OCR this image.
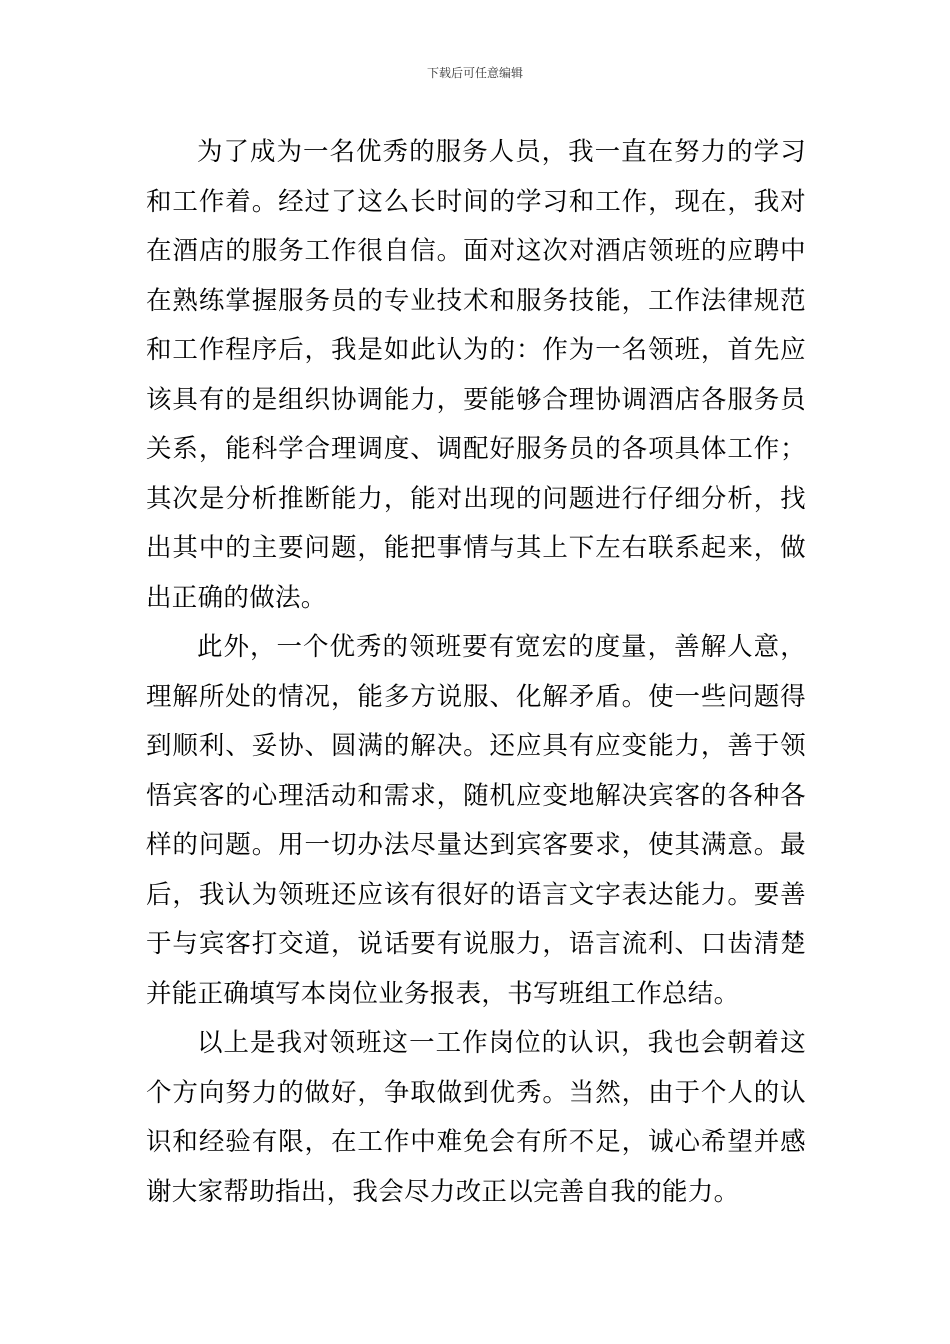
下载后可任意编辑

为了成为一名优秀的服务人员，我一直在努力的学习和工作着。经过了这么长时间的学习和工作，现在，我对在酒店的服务工作很自信。面对这次对酒店领班的应聘中在熟练掌握服务员的专业技术和服务技能，工作法律规范和工作程序后，我是如此认为的：作为一名领班，首先应该具有的是组织协调能力，要能够合理协调酒店各服务员关系，能科学合理调度、调配好服务员的各项具体工作；其次是分析推断能力，能对出现的问题进行仔细分析，找出其中的主要问题，能把事情与其上下左右联系起来，做出正确的做法。

此外，一个优秀的领班要有宽宏的度量，善解人意，理解所处的情况，能多方说服、化解矛盾。使一些问题得到顺利、妥协、圆满的解决。还应具有应变能力，善于领悟宾客的心理活动和需求，随机应变地解决宾客的各种各样的问题。用一切办法尽量达到宾客要求，使其满意。最后，我认为领班还应该有很好的语言文字表达能力。要善于与宾客打交道，说话要有说服力，语言流利、口齿清楚并能正确填写本岗位业务报表，书写班组工作总结。

以上是我对领班这一工作岗位的认识，我也会朝着这个方向努力的做好，争取做到优秀。当然，由于个人的认识和经验有限，在工作中难免会有所不足，诚心希望并感谢大家帮助指出，我会尽力改正以完善自我的能力。
